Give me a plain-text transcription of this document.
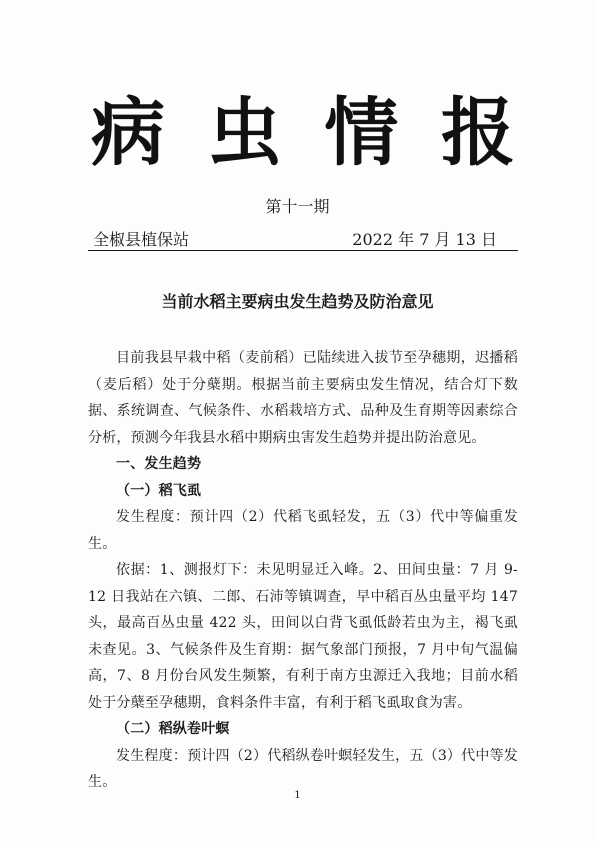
病 虫 情 报
第十一期
全椒县植保站	2022 年 7 月 13 日
当前水稻主要病虫发生趋势及防治意见

目前我县早栽中稻（麦前稻）已陆续进入拔节至孕穗期，迟播稻（麦后稻）处于分蘖期。根据当前主要病虫发生情况，结合灯下数据、系统调查、气候条件、水稻栽培方式、品种及生育期等因素综合分析，预测今年我县水稻中期病虫害发生趋势并提出防治意见。

一、发生趋势

（一）稻飞虱

发生程度：预计四（2）代稻飞虱轻发，五（3）代中等偏重发生。

依据：1、测报灯下：未见明显迁入峰。2、田间虫量：7 月 9-12 日我站在六镇、二郎、石沛等镇调查，早中稻百丛虫量平均 147 头，最高百丛虫量 422 头，田间以白背飞虱低龄若虫为主，褐飞虱未查见。3、气候条件及生育期：据气象部门预报，7 月中旬气温偏高，7、8 月份台风发生频繁，有利于南方虫源迁入我地；目前水稻处于分蘖至孕穗期，食料条件丰富，有利于稻飞虱取食为害。

（二）稻纵卷叶螟

发生程度：预计四（2）代稻纵卷叶螟轻发生，五（3）代中等发生。

1
